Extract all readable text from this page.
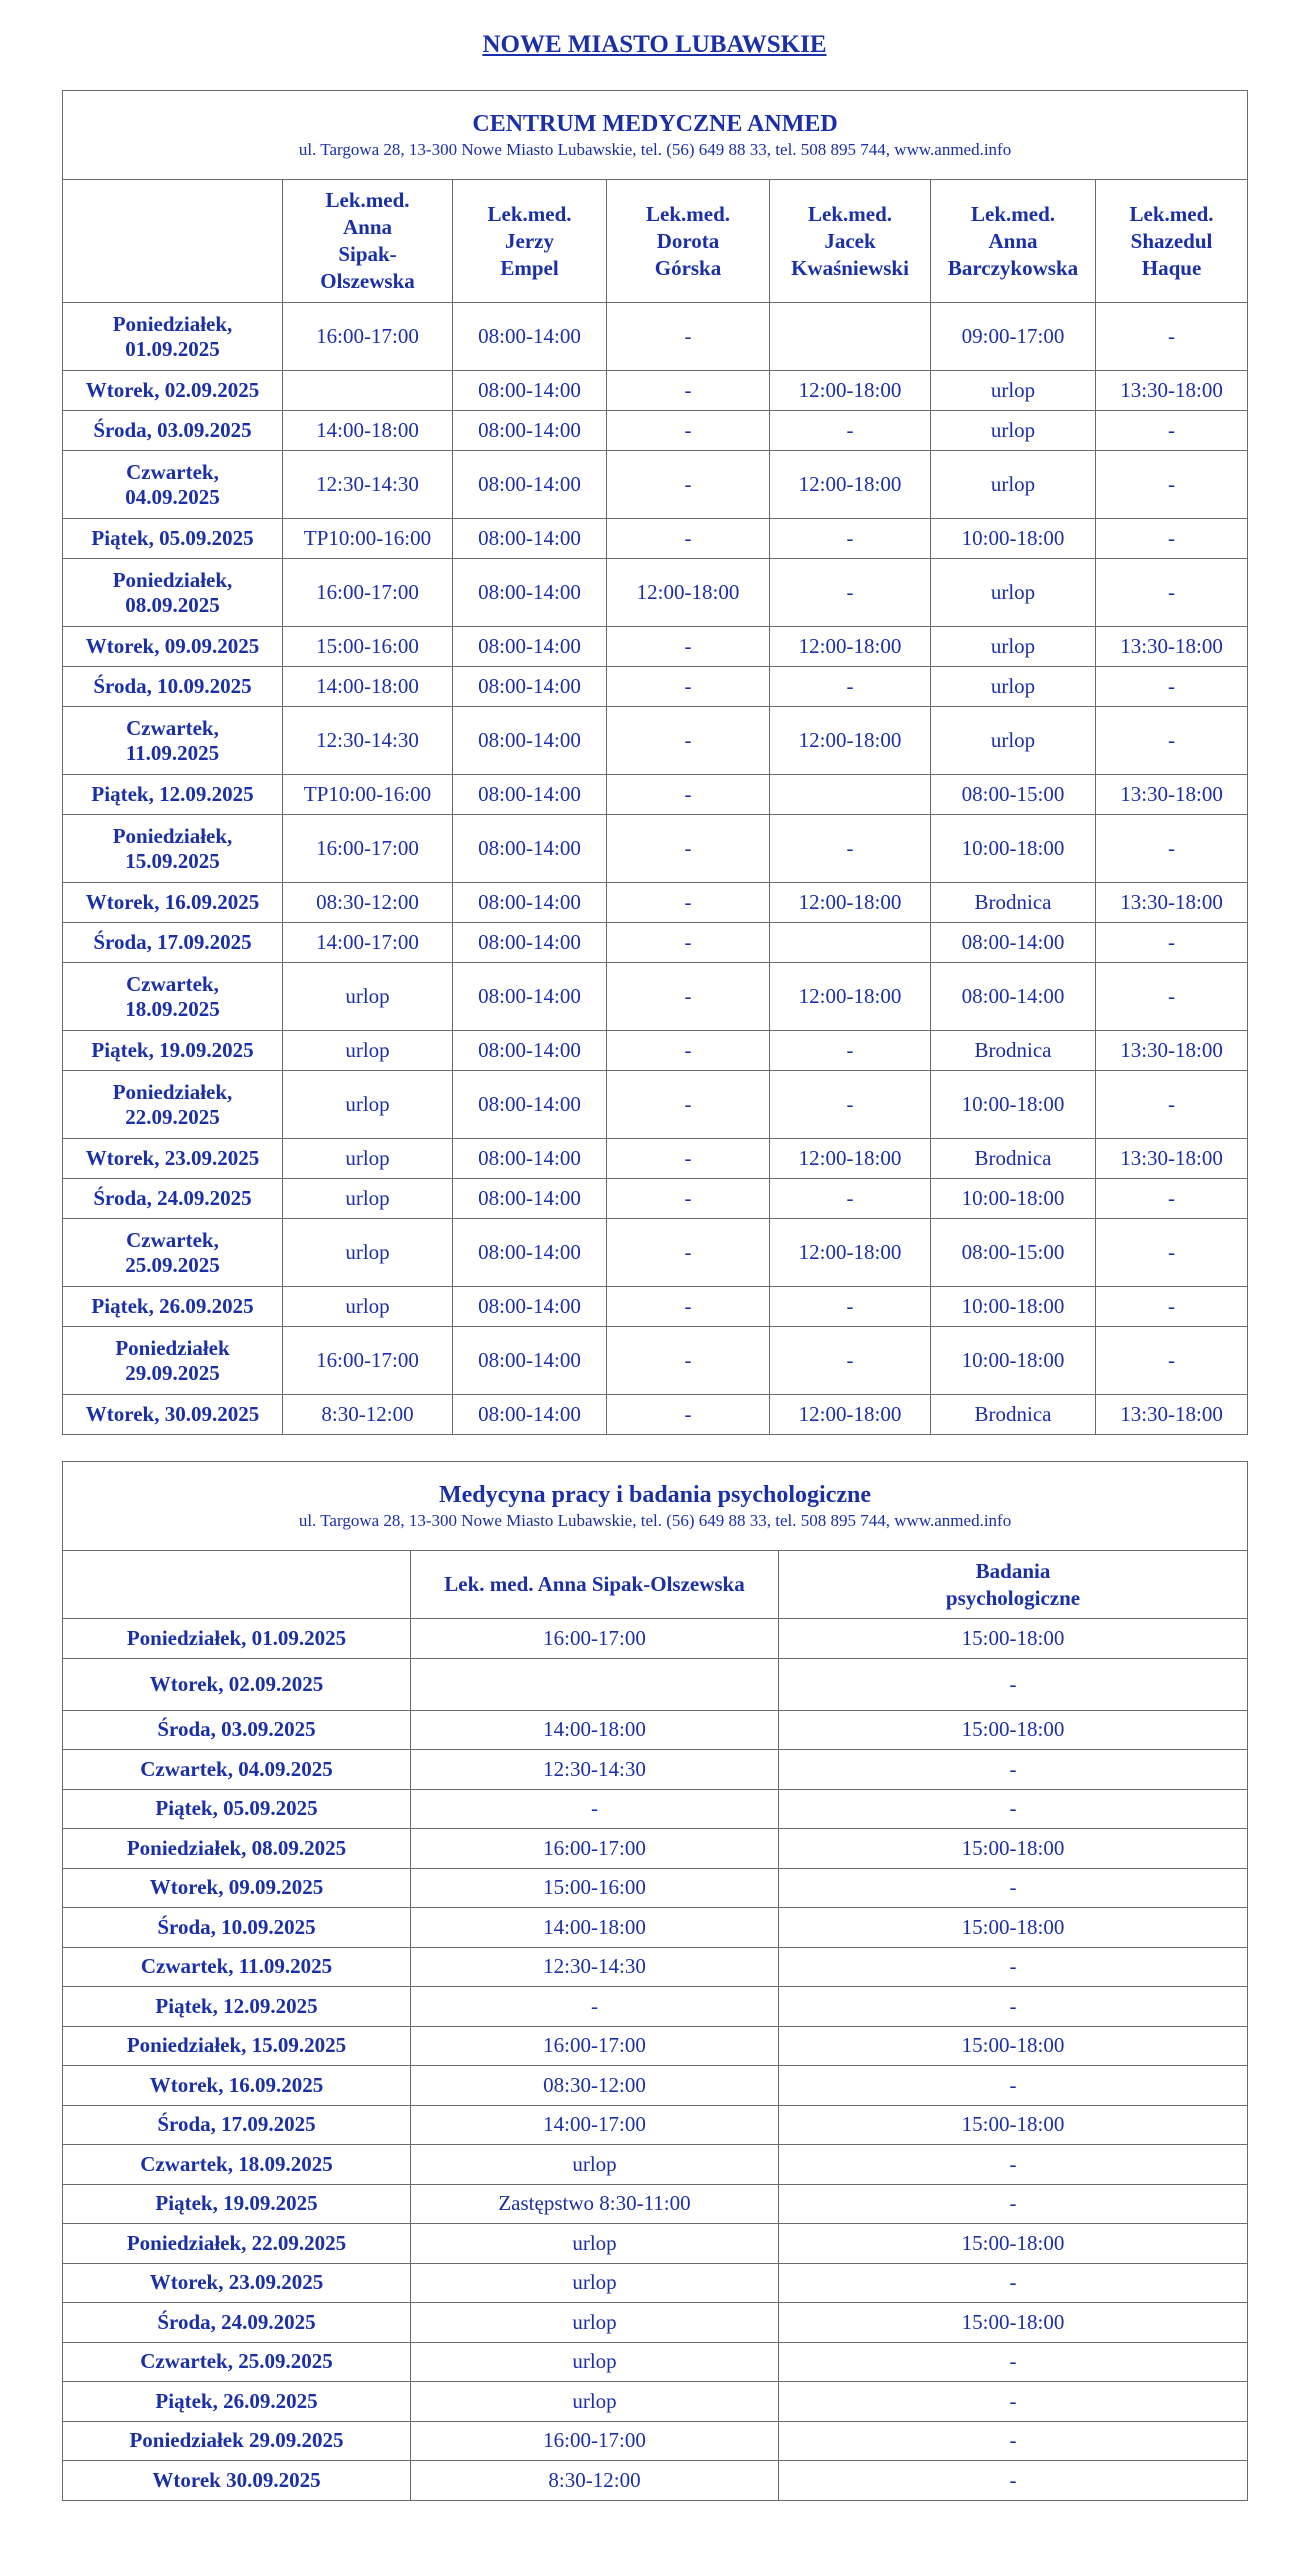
NOWE MIASTO LUBAWSKIE
CENTRUM MEDYCZNE ANMED
ul. Targowa 28, 13-300 Nowe Miasto Lubawskie, tel. (56) 649 88 33, tel. 508 895 744, www.anmed.info						

	Lek.med.
Anna
Sipak-
Olszewska	Lek.med.
Jerzy
Empel	Lek.med.
Dorota
Górska	Lek.med.
Jacek
Kwaśniewski	Lek.med.
Anna
Barczykowska	Lek.med.
Shazedul
Haque
Poniedziałek,
01.09.2025	16:00-17:00	08:00-14:00	-		09:00-17:00	-
Wtorek, 02.09.2025		08:00-14:00	-	12:00-18:00	urlop	13:30-18:00
Środa, 03.09.2025	14:00-18:00	08:00-14:00	-	-	urlop	-
Czwartek,
04.09.2025	12:30-14:30	08:00-14:00	-	12:00-18:00	urlop	-
Piątek, 05.09.2025	TP10:00-16:00	08:00-14:00	-	-	10:00-18:00	-
Poniedziałek,
08.09.2025	16:00-17:00	08:00-14:00	12:00-18:00	-	urlop	-
Wtorek, 09.09.2025	15:00-16:00	08:00-14:00	-	12:00-18:00	urlop	13:30-18:00
Środa, 10.09.2025	14:00-18:00	08:00-14:00	-	-	urlop	-
Czwartek,
11.09.2025	12:30-14:30	08:00-14:00	-	12:00-18:00	urlop	-
Piątek, 12.09.2025	TP10:00-16:00	08:00-14:00	-		08:00-15:00	13:30-18:00
Poniedziałek,
15.09.2025	16:00-17:00	08:00-14:00	-	-	10:00-18:00	-
Wtorek, 16.09.2025	08:30-12:00	08:00-14:00	-	12:00-18:00	Brodnica	13:30-18:00
Środa, 17.09.2025	14:00-17:00	08:00-14:00	-		08:00-14:00	-
Czwartek,
18.09.2025	urlop	08:00-14:00	-	12:00-18:00	08:00-14:00	-
Piątek, 19.09.2025	urlop	08:00-14:00	-	-	Brodnica	13:30-18:00
Poniedziałek,
22.09.2025	urlop	08:00-14:00	-	-	10:00-18:00	-
Wtorek, 23.09.2025	urlop	08:00-14:00	-	12:00-18:00	Brodnica	13:30-18:00
Środa, 24.09.2025	urlop	08:00-14:00	-	-	10:00-18:00	-
Czwartek,
25.09.2025	urlop	08:00-14:00	-	12:00-18:00	08:00-15:00	-
Piątek, 26.09.2025	urlop	08:00-14:00	-	-	10:00-18:00	-
Poniedziałek
29.09.2025	16:00-17:00	08:00-14:00	-	-	10:00-18:00	-
Wtorek, 30.09.2025	8:30-12:00	08:00-14:00	-	12:00-18:00	Brodnica	13:30-18:00
Medycyna pracy i badania psychologiczne
ul. Targowa 28, 13-300 Nowe Miasto Lubawskie, tel. (56) 649 88 33, tel. 508 895 744, www.anmed.info		

	Lek. med. Anna Sipak-Olszewska	Badania
psychologiczne
Poniedziałek, 01.09.2025	16:00-17:00	15:00-18:00
Wtorek, 02.09.2025		-
Środa, 03.09.2025	14:00-18:00	15:00-18:00
Czwartek, 04.09.2025	12:30-14:30	-
Piątek, 05.09.2025	-	-
Poniedziałek, 08.09.2025	16:00-17:00	15:00-18:00
Wtorek, 09.09.2025	15:00-16:00	-
Środa, 10.09.2025	14:00-18:00	15:00-18:00
Czwartek, 11.09.2025	12:30-14:30	-
Piątek, 12.09.2025	-	-
Poniedziałek, 15.09.2025	16:00-17:00	15:00-18:00
Wtorek, 16.09.2025	08:30-12:00	-
Środa, 17.09.2025	14:00-17:00	15:00-18:00
Czwartek, 18.09.2025	urlop	-
Piątek, 19.09.2025	Zastępstwo 8:30-11:00	-
Poniedziałek, 22.09.2025	urlop	15:00-18:00
Wtorek, 23.09.2025	urlop	-
Środa, 24.09.2025	urlop	15:00-18:00
Czwartek, 25.09.2025	urlop	-
Piątek, 26.09.2025	urlop	-
Poniedziałek 29.09.2025	16:00-17:00	-
Wtorek 30.09.2025	8:30-12:00	-
